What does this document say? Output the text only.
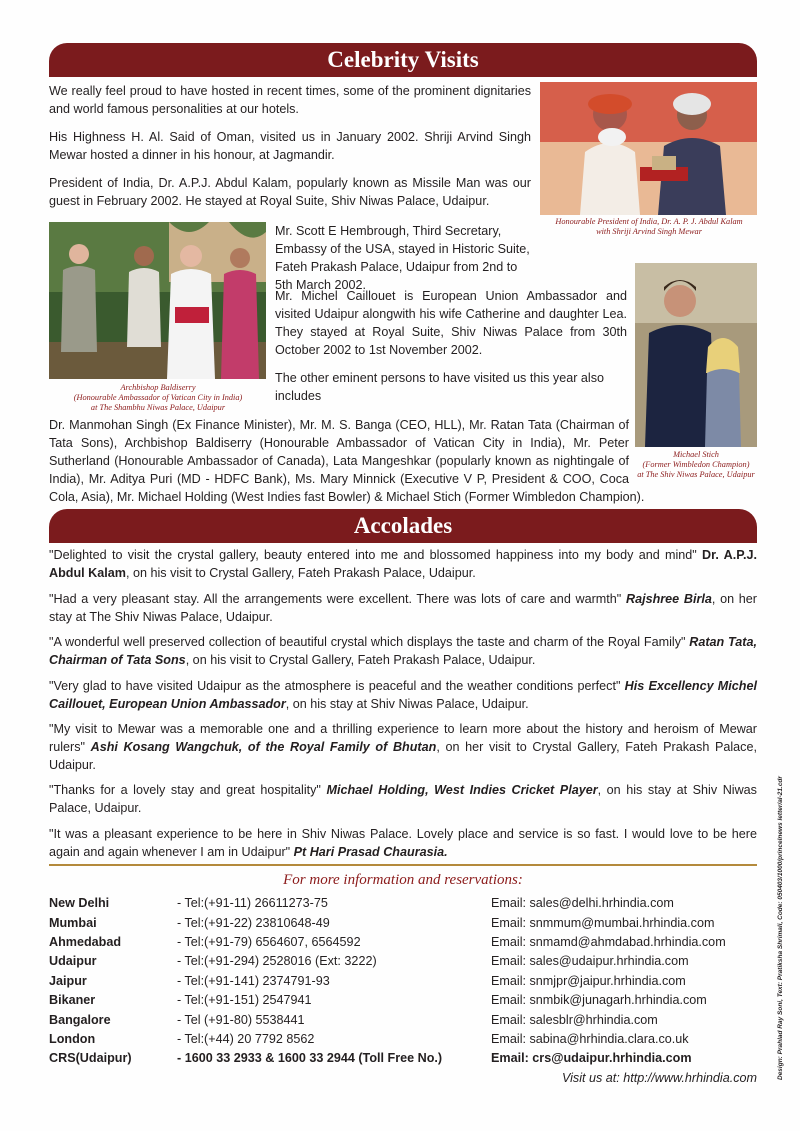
Celebrity Visits

We really feel proud to have hosted in recent times, some of the prominent dignitaries and world famous personalities at our hotels.

His Highness H. Al. Said of Oman, visited us in January 2002. Shriji Arvind Singh Mewar hosted a dinner in his honour, at Jagmandir.

President of India, Dr. A.P.J. Abdul Kalam, popularly known as Missile Man was our guest in February 2002. He stayed at Royal Suite, Shiv Niwas Palace, Udaipur.

Honourable President of India, Dr. A. P. J. Abdul Kalam
with Shriji Arvind Singh Mewar
Archbishop Baldiserry
(Honourable Ambassador of Vatican City in India)
at The Shambhu Niwas Palace, Udaipur

Mr. Scott E Hembrough, Third Secretary, Embassy of the USA, stayed in Historic Suite, Fateh Prakash Palace, Udaipur from 2nd to 5th March 2002.

Mr. Michel Caillouet is European Union Ambassador and visited Udaipur alongwith his wife Catherine and daughter Lea. They stayed at Royal Suite, Shiv Niwas Palace from 30th October 2002 to 1st November 2002.

The other eminent persons to have visited us this year also includes

Michael Stich
(Former Wimbledon Champion)
at The Shiv Niwas Palace, Udaipur

Dr. Manmohan Singh (Ex Finance Minister), Mr. M. S. Banga (CEO, HLL), Mr. Ratan Tata (Chairman of Tata Sons), Archbishop Baldiserry (Honourable Ambassador of Vatican City in India), Mr. Peter Sutherland (Honourable Ambassador of Canada), Lata Mangeshkar (popularly known as nightingale of India), Mr. Aditya Puri (MD - HDFC Bank), Ms. Mary Minnick (Executive V P, President & COO, Coca Cola, Asia), Mr. Michael Holding (West Indies fast Bowler) & Michael Stich (Former Wimbledon Champion).

Accolades
"Delighted to visit the crystal gallery, beauty entered into me and blossomed happiness into my body and mind" Dr. A.P.J. Abdul Kalam, on his visit to Crystal Gallery, Fateh Prakash Palace, Udaipur.
"Had a very pleasant stay. All the arrangements were excellent. There was lots of care and warmth" Rajshree Birla, on her stay at The Shiv Niwas Palace, Udaipur.
"A wonderful well preserved collection of beautiful crystal which displays the taste and charm of the Royal Family" Ratan Tata, Chairman of Tata Sons, on his visit to Crystal Gallery, Fateh Prakash Palace, Udaipur.
"Very glad to have visited Udaipur as the atmosphere is peaceful and the weather conditions perfect" His Excellency Michel Caillouet, European Union Ambassador, on his stay at Shiv Niwas Palace, Udaipur.
"My visit to Mewar was a memorable one and a thrilling experience to learn more about the history and heroism of Mewar rulers" Ashi Kosang Wangchuk, of the Royal Family of Bhutan, on her visit to Crystal Gallery, Fateh Prakash Palace, Udaipur.
"Thanks for a lovely stay and great hospitality" Michael Holding, West Indies Cricket Player, on his stay at Shiv Niwas Palace, Udaipur.
"It was a pleasant experience to be here in Shiv Niwas Palace. Lovely place and service is so fast. I would love to be here again and again whenever I am in Udaipur" Pt Hari Prasad Chaurasia.
For more information and reservations:
New Delhi	- Tel:(+91-11) 26611273-75	Email: sales@delhi.hrhindia.com
Mumbai	- Tel:(+91-22) 23810648-49	Email: snmmum@mumbai.hrhindia.com
Ahmedabad	- Tel:(+91-79) 6564607, 6564592	Email: snmamd@ahmdabad.hrhindia.com
Udaipur	- Tel:(+91-294) 2528016 (Ext: 3222)	Email: sales@udaipur.hrhindia.com
Jaipur	- Tel:(+91-141) 2374791-93	Email: snmjpr@jaipur.hrhindia.com
Bikaner	- Tel:(+91-151) 2547941	Email: snmbik@junagarh.hrhindia.com
Bangalore	- Tel (+91-80) 5538441	Email: salesblr@hrhindia.com
London	- Tel:(+44) 20 7792 8562	Email: sabina@hrhindia.clara.co.uk
CRS(Udaipur)	- 1600 33 2933 & 1600 33 2944 (Toll Free No.)	Email: crs@udaipur.hrhindia.com
Visit us at: http://www.hrhindia.com	Design: Prahlad Ray Soni, Text: Pratiksha Shrimali, Code: 050403/1000/princelnews letter/al-21.cdr
